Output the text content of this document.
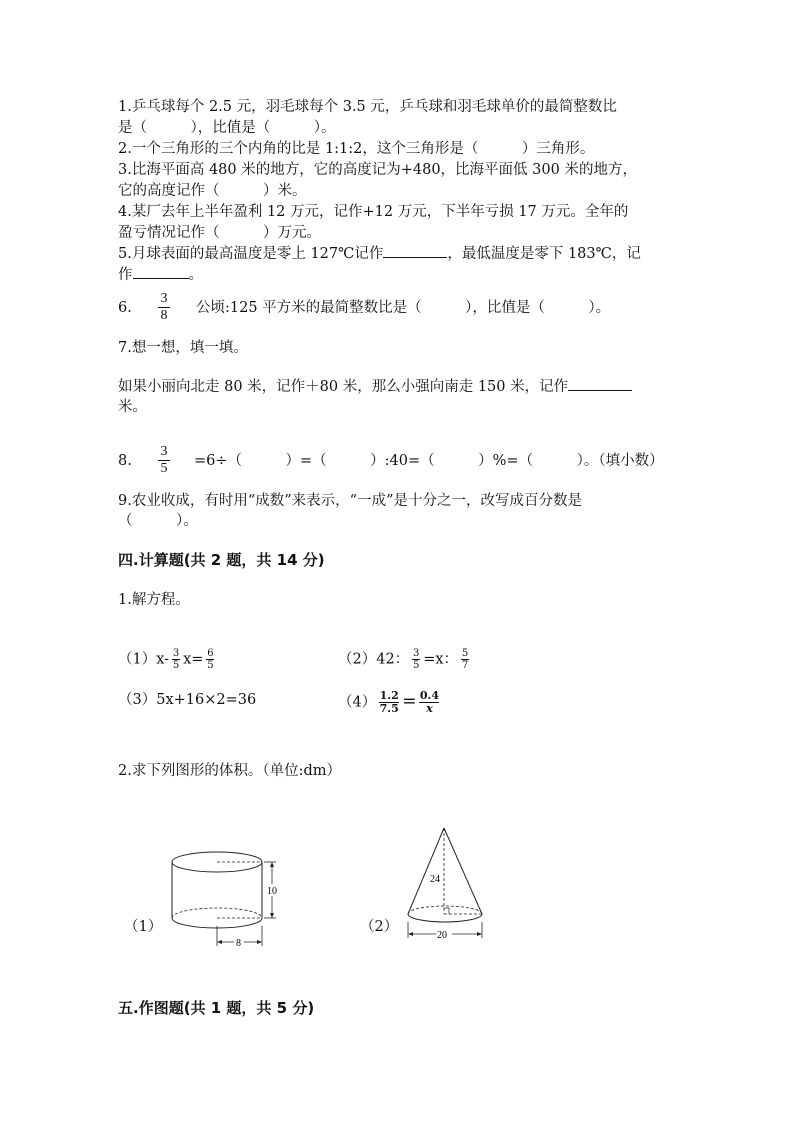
1.乒乓球每个 2.5 元，羽毛球每个 3.5 元，乒乓球和羽毛球单价的最简整数比
是（　　　），比值是（　　　）。
2.一个三角形的三个内角的比是 1:1:2，这个三角形是（　　　）三角形。
3.比海平面高 480 米的地方，它的高度记为+480，比海平面低 300 米的地方，
它的高度记作（　　　）米。
4.某厂去年上半年盈利 12 万元，记作+12 万元，下半年亏损 17 万元。全年的
盈亏情况记作（　　　）万元。
5.月球表面的最高温度是零上 127℃记作	，最低温度是零下 183℃，记
作	。
6.
3
8 公顷:125 平方米的最简整数比是（　　　），比值是（　　　）。
7.想一想，填一填。
如果小丽向北走 80 米，记作＋80 米，那么小强向南走 150 米，记作
米。
8.
3
5 =6÷（　　　）=（　　　）:40=（　　　）%=（　　　）。（填小数）
9.农业收成，有时用“成数”来表示，“一成”是十分之一，改写成百分数是
（　　　）。
四.计算题(共 2 题，共 14 分)
1.解方程。
$(1)x- \frac{3}{5} x= \frac{6}{5}$	（2）42： $\frac{3}{5} =x$： $\frac{5}{7}$
（3）5x+16×2=36	$(4) \frac{1.2}{7.5} = \frac{0.4}{x}$
2.求下列图形的体积。（单位:dm）
（1）	（2）
10
8
24
20
五.作图题(共 1 题，共 5 分)
